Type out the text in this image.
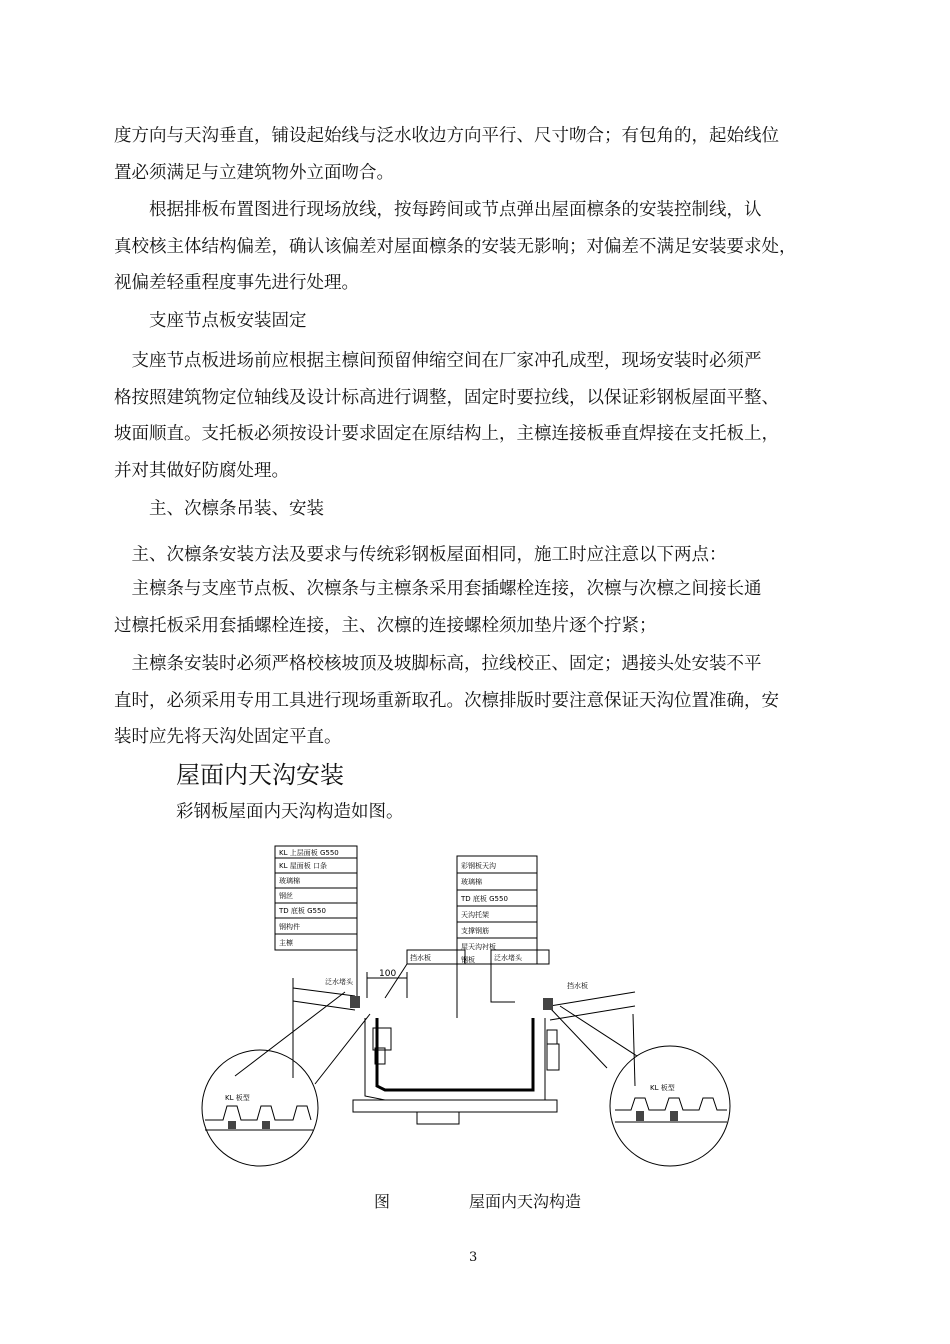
度方向与天沟垂直，铺设起始线与泛水收边方向平行、尺寸吻合；有包角的，起始线位
置必须满足与立建筑物外立面吻合。
　　根据排板布置图进行现场放线，按每跨间或节点弹出屋面檩条的安装控制线，认
真校核主体结构偏差，确认该偏差对屋面檩条的安装无影响；对偏差不满足安装要求处，
视偏差轻重程度事先进行处理。
　　支座节点板安装固定
　支座节点板进场前应根据主檩间预留伸缩空间在厂家冲孔成型，现场安装时必须严
格按照建筑物定位轴线及设计标高进行调整，固定时要拉线，以保证彩钢板屋面平整、
坡面顺直。支托板必须按设计要求固定在原结构上，主檩连接板垂直焊接在支托板上，
并对其做好防腐处理。
　　主、次檩条吊装、安装
　主、次檩条安装方法及要求与传统彩钢板屋面相同，施工时应注意以下两点：
　主檩条与支座节点板、次檩条与主檩条采用套插螺栓连接，次檩与次檩之间接长通
过檩托板采用套插螺栓连接，主、次檩的连接螺栓须加垫片逐个拧紧；
　主檩条安装时必须严格校核坡顶及坡脚标高，拉线校正、固定；遇接头处安装不平
直时，必须采用专用工具进行现场重新取孔。次檩排版时要注意保证天沟位置准确，安
装时应先将天沟处固定平直。
屋面内天沟安装
彩钢板屋面内天沟构造如图。
KL 上层面板 G550
KL 屋面板 口条
玻璃棉
钢丝
TD 底板 G550
钢构件
主檩
彩钢板天沟
玻璃棉
TD 底板 G550
天沟托架
支撑钢筋
屋天沟衬板
钢板
挡水板
泛水堵头
泛水堵头
挡水板
KL 板型
KL 板型
100
图	屋面内天沟构造
3
